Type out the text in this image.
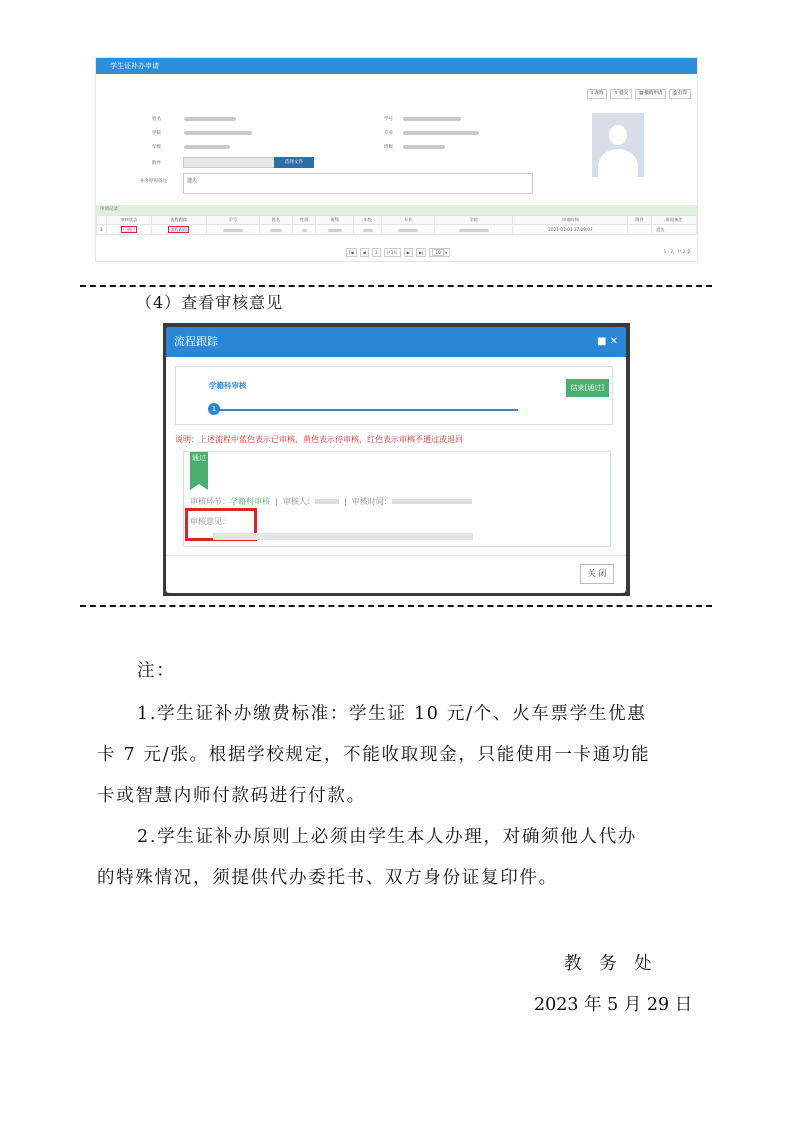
学生证补办申请
⌕查询	⇧提交	▤撤销申请	⎙打印
姓名	学号
学院	专业
年级	班级
附件	选择文件
补办原因备注	遗失
申请记录
	审核状态	流程跟踪	学号	姓名	性别	班级	年级	专业	学院	申请时间	附件	原因备注
1	已通过	流程跟踪								2021-03-03 17:08:07		遗失
|◀	◀	1	共1页	▶	▶|	10 ▾	1 - 2，共 2 条
（4）查看审核意见
流程跟踪	■ ✕
学籍科审核
1
结束[通过]
说明：上述流程中蓝色表示已审核，黄色表示待审核，红色表示审核不通过或退回
通过
审核环节：学籍科审核  |  审核人：	|  审核时间：
审核意见：
关 闭
注：
1.学生证补办缴费标准：学生证 10 元/个、火车票学生优惠
卡 7 元/张。根据学校规定，不能收取现金，只能使用一卡通功能
卡或智慧内师付款码进行付款。
2.学生证补办原则上必须由学生本人办理，对确须他人代办
的特殊情况，须提供代办委托书、双方身份证复印件。
教 务 处
2023 年 5 月 29 日
